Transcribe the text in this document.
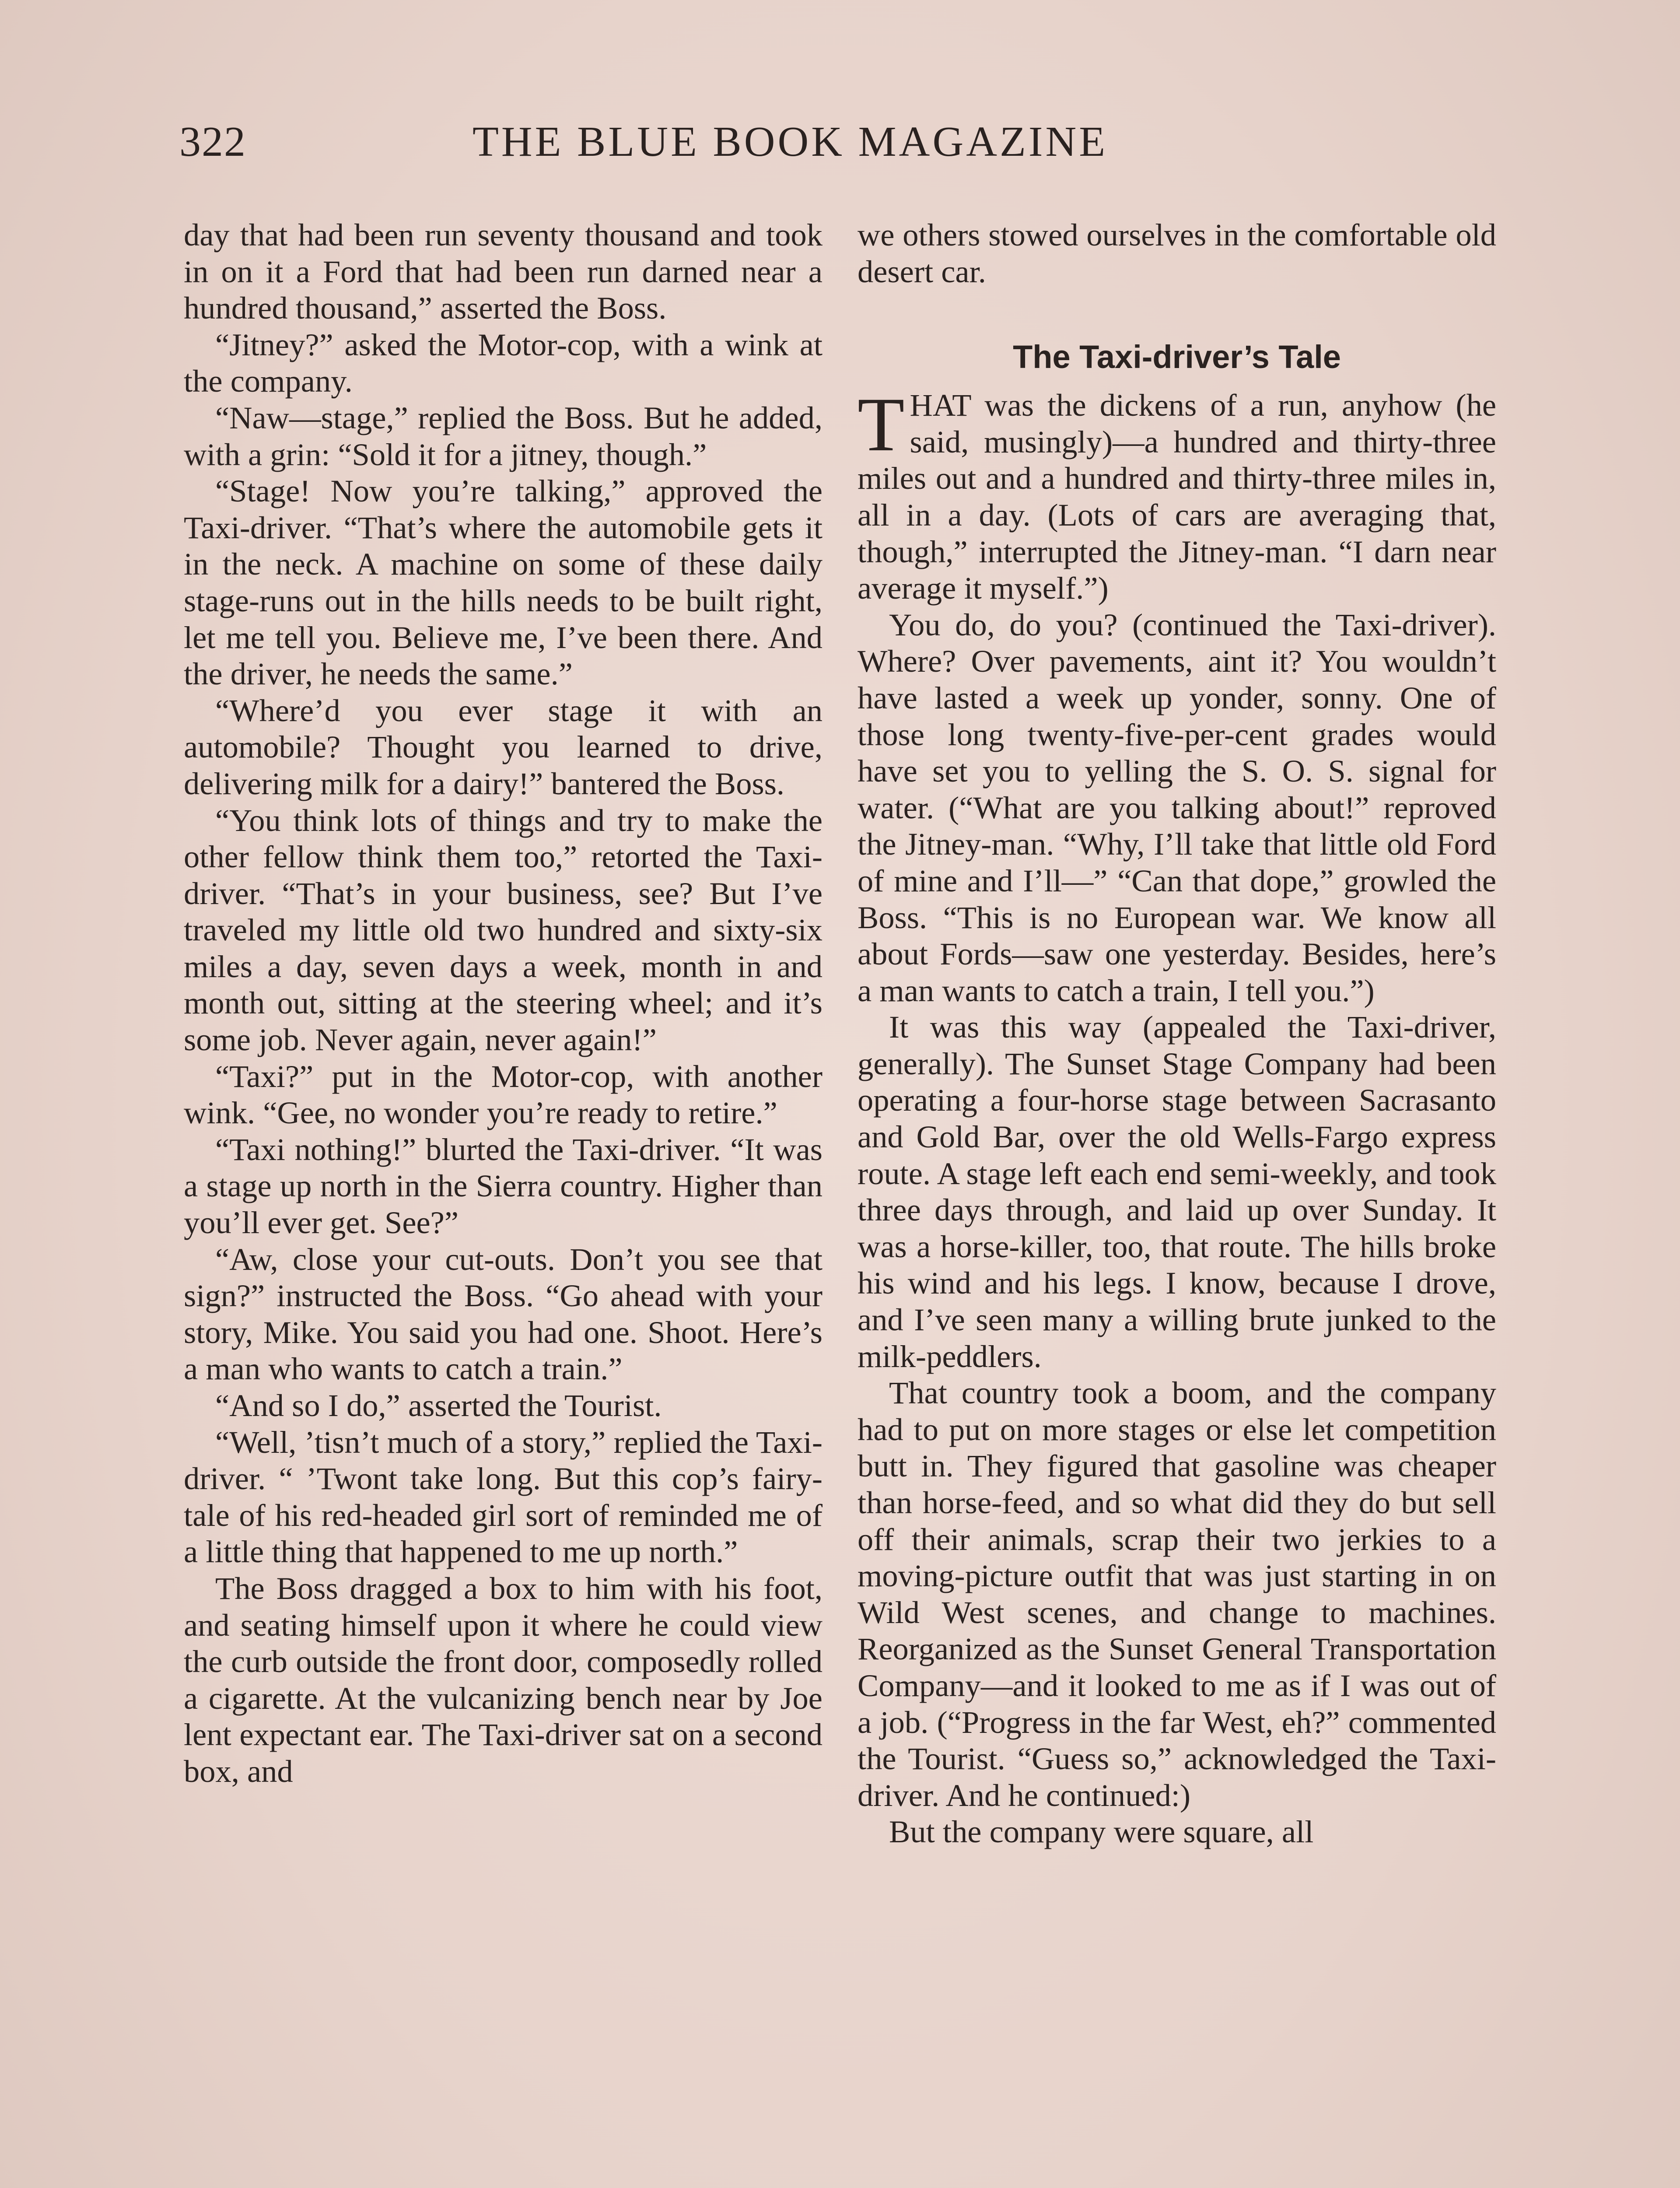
322	THE BLUE BOOK MAGAZINE

day that had been run seventy thousand and took in on it a Ford that had been run darned near a hundred thousand,” asserted the Boss.

“Jitney?” asked the Motor-cop, with a wink at the company.

“Naw—stage,” replied the Boss. But he added, with a grin: “Sold it for a jitney, though.”

“Stage! Now you’re talking,” approved the Taxi-driver. “That’s where the automobile gets it in the neck. A machine on some of these daily stage-runs out in the hills needs to be built right, let me tell you. Believe me, I’ve been there. And the driver, he needs the same.”

“Where’d you ever stage it with an automobile? Thought you learned to drive, delivering milk for a dairy!” bantered the Boss.

“You think lots of things and try to make the other fellow think them too,” retorted the Taxi-driver. “That’s in your business, see? But I’ve traveled my little old two hundred and sixty-six miles a day, seven days a week, month in and month out, sitting at the steering wheel; and it’s some job. Never again, never again!”

“Taxi?” put in the Motor-cop, with another wink. “Gee, no wonder you’re ready to retire.”

“Taxi nothing!” blurted the Taxi-driver. “It was a stage up north in the Sierra country. Higher than you’ll ever get. See?”

“Aw, close your cut-outs. Don’t you see that sign?” instructed the Boss. “Go ahead with your story, Mike. You said you had one. Shoot. Here’s a man who wants to catch a train.”

“And so I do,” asserted the Tourist.

“Well, ’tisn’t much of a story,” replied the Taxi-driver. “ ’Twont take long. But this cop’s fairy-tale of his red-headed girl sort of reminded me of a little thing that happened to me up north.”

The Boss dragged a box to him with his foot, and seating himself upon it where he could view the curb outside the front door, composedly rolled a cigarette. At the vulcanizing bench near by Joe lent expectant ear. The Taxi-driver sat on a second box, and

we others stowed ourselves in the comfortable old desert car.

The Taxi-driver’s Tale

THAT was the dickens of a run, anyhow (he said, musingly)—a hundred and thirty-three miles out and a hundred and thirty-three miles in, all in a day. (Lots of cars are averaging that, though,” interrupted the Jitney-man. “I darn near average it myself.”)

You do, do you? (continued the Taxi-driver). Where? Over pavements, aint it? You wouldn’t have lasted a week up yonder, sonny. One of those long twenty-five-per-cent grades would have set you to yelling the S. O. S. signal for water. (“What are you talking about!” reproved the Jitney-man. “Why, I’ll take that little old Ford of mine and I’ll—” “Can that dope,” growled the Boss. “This is no European war. We know all about Fords—saw one yesterday. Besides, here’s a man wants to catch a train, I tell you.”)

It was this way (appealed the Taxi-driver, generally). The Sunset Stage Company had been operating a four-horse stage between Sacrasanto and Gold Bar, over the old Wells-Fargo express route. A stage left each end semi-weekly, and took three days through, and laid up over Sunday. It was a horse-killer, too, that route. The hills broke his wind and his legs. I know, because I drove, and I’ve seen many a willing brute junked to the milk-peddlers.

That country took a boom, and the company had to put on more stages or else let competition butt in. They figured that gasoline was cheaper than horse-feed, and so what did they do but sell off their animals, scrap their two jerkies to a moving-picture outfit that was just starting in on Wild West scenes, and change to machines. Reorganized as the Sunset General Transportation Company—and it looked to me as if I was out of a job. (“Progress in the far West, eh?” commented the Tourist. “Guess so,” acknowledged the Taxi-driver. And he continued:)

But the company were square, all
